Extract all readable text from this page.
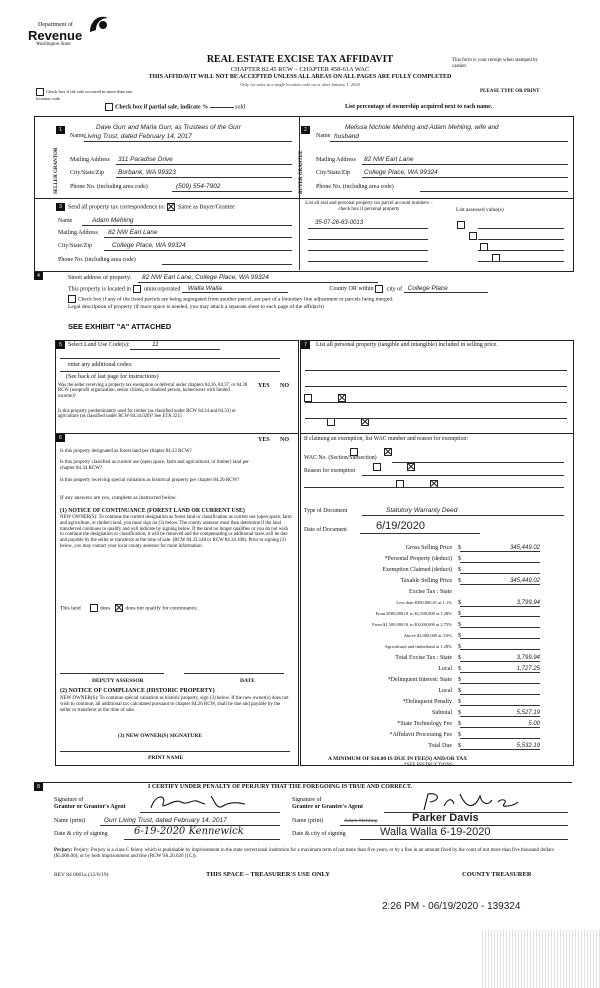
Department of
Revenue
Washington State
REAL ESTATE EXCISE TAX AFFIDAVIT
CHAPTER 82.45 RCW – CHAPTER 458-61A WAC
THIS AFFIDAVIT WILL NOT BE ACCEPTED UNLESS ALL AREAS ON ALL PAGES ARE FULLY COMPLETED
Only for sales in a single location code on or after January 1, 2020
This form is your receipt when stamped by cashier
PLEASE TYPE OR PRINT
Check box if the sale occurred in more than one location code
Check box if partial sale, indicate %	sold	List percentage of ownership acquired next to each name.
1
SELLER GRANTOR
Name
Dave Gurr and Marla Gurr, as Trustees of the Gurr
Living Trust, dated February 14, 2017
Mailing Address 311 Paradise Drive
City/State/Zip Burbank, WA 99323
Phone No. (including area code)	(509) 554-7902
2
BUYER GRANTEE
Name
Melissa Nichole Mehling and Adam Mehling, wife and
husband
Mailing Address 82 NW Earl Lane
City/State/Zip College Place, WA 99324
Phone No. (including area code)
3	Send all property tax correspondence to: Same as Buyer/Grantee
Name	Adam Mehling
Mailing Address 82 NW Earl Lane
City/State/Zip	College Place, WA 99324
Phone No. (including area code)
List all real and personal property tax parcel account numbers – check box if personal property	List assessed value(s)
35-07-26-63-0013

4	Street address of property: 82 NW Earl Lane, College Place, WA 99324
This property is located in unincorporated Walla Walla	County OR within city of College Place
Check box if any of the listed parcels are being segregated from another parcel, are part of a boundary line adjustment or parcels being merged.
Legal description of property (if more space is needed, you may attach a separate sheet to each page of the affidavit)
SEE EXHIBIT "A" ATTACHED
5	Select Land Use Code(s):	11
enter any additional codes:
(See back of last page for instructions)
YES NO
Was the seller receiving a property tax exemption or deferral under chapters 84.36, 84.37, or 84.38 RCW (nonprofit organization, senior citizen, or disabled person, homeowner with limited income)?

Is this property predominantly used for timber (as classified under RCW 84.34 and 84.33) or agriculture (as classified under RCW 84.34.020)? See ETA 3215

7	List all personal property (tangible and intangible) included in selling price.
6	YES NO
Is this property designated as forest land per chapter 84.33 RCW?

Is this property classified as current use (open space, farm and agricultural, or timber) land per chapter 84.34 RCW?

Is this property receiving special valuation as historical property per chapter 84.26 RCW?

If any answers are yes, complete as instructed below.
(1) NOTICE OF CONTINUANCE (FOREST LAND OR CURRENT USE)
NEW OWNER(S): To continue the current designation as forest land or classification as current use (open space, farm and agriculture, or timber) land, you must sign on (3) below. The county assessor must then determine if the land transferred continues to qualify and will indicate by signing below. If the land no longer qualifies or you do not wish to continue the designation or classification, it will be removed and the compensating or additional taxes will be due and payable by the seller or transferor at the time of sale. (RCW 84.33.140 or RCW 84.34.108). Prior to signing (3) below, you may contact your local county assessor for more information.
This land	does	does not qualify for continuance.
DEPUTY ASSESSOR	DATE
(2) NOTICE OF COMPLIANCE (HISTORIC PROPERTY)
NEW OWNER(S): To continue special valuation as historic property, sign (3) below. If the new owner(s) does not wish to continue, all additional tax calculated pursuant to chapter 84.26 RCW, shall be due and payable by the seller or transferor at the time of sale.
(3) NEW OWNER(S) SIGNATURE
PRINT NAME
If claiming an exemption, list WAC number and reason for exemption:
WAC No. (Section/Subsection)
Reason for exemption
Type of Document	Statutory Warranty Deed
Date of Document	6/19/2020
Gross Selling Price $	345,449.02
*Personal Property (deduct) $

Exemption Claimed (deduct) $

Taxable Selling Price $	345,449.02
Excise Tax : State
Less than $500,000.01 at 1.1% $	3,799.94
From $500,000.01 to $1,500,000 at 1.28% $

From $1,500,000.01 to $3,000,000 at 2.75% $

Above $3,000,000 at 3.0% $

Agricultural and timberland at 1.28% $

Total Excise Tax : State $	3,799.94
Local $	1,727.25
*Delinquent Interest: State $

Local $

*Delinquent Penalty $

Subtotal $	5,527.19
*State Technology Fee $	5.00
*Affidavit Processing Fee $

Total Due $	5,532.19
A MINIMUM OF $10.00 IS DUE IN FEE(S) AND/OR TAX
*SEE INSTRUCTIONS
8	I CERTIFY UNDER PENALTY OF PERJURY THAT THE FOREGOING IS TRUE AND CORRECT.
Signature of
Grantor or Grantor's Agent
Name (print)	Gurr Living Trust, dated February 14, 2017
Date & city of signing	6-19-2020 Kennewick
Signature of
Grantee or Grantee's Agent
Name (print)	Adam Mehling	Parker Davis
Date & city of signing	Walla Walla 6-19-2020
Perjury: Perjury: Perjury is a class C felony which is punishable by imprisonment in the state correctional institution for a maximum term of not more than five years, or by a fine in an amount fixed by the court of not more than five thousand dollars ($5,000.00), or by both imprisonment and fine (RCW 9A.20.020 (1C)).
REV 84 0001a (12/6/19)	THIS SPACE – TREASURER'S USE ONLY	COUNTY TREASURER
2:26 PM - 06/19/2020 - 139324
